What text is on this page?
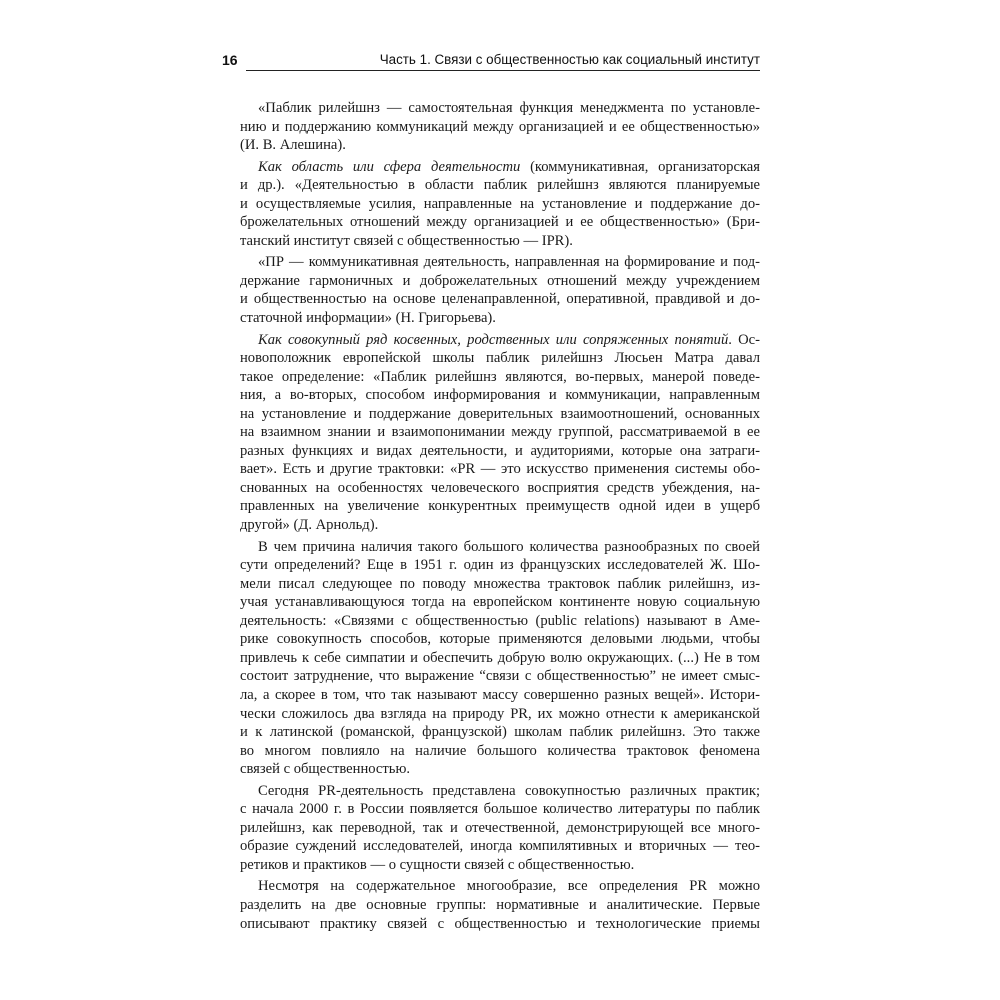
16	Часть 1. Связи с общественностью как социальный институт
«Паблик рилейшнз — самостоятельная функция менеджмента по установле-
нию и поддержанию коммуникаций между организацией и ее общественностью»
(И. В. Алешина).
Как область или сфера деятельности (коммуникативная, организаторская
и др.). «Деятельностью в области паблик рилейшнз являются планируемые
и осуществляемые усилия, направленные на установление и поддержание до-
брожелательных отношений между организацией и ее общественностью» (Бри-
танский институт связей с общественностью — IPR).
«ПР — коммуникативная деятельность, направленная на формирование и под-
держание гармоничных и доброжелательных отношений между учреждением
и общественностью на основе целенаправленной, оперативной, правдивой и до-
статочной информации» (Н. Григорьева).
Как совокупный ряд косвенных, родственных или сопряженных понятий. Ос-
новоположник европейской школы паблик рилейшнз Люсьен Матра давал
такое определение: «Паблик рилейшнз являются, во-первых, манерой поведе-
ния, а во-вторых, способом информирования и коммуникации, направленным
на установление и поддержание доверительных взаимоотношений, основанных
на взаимном знании и взаимопонимании между группой, рассматриваемой в ее
разных функциях и видах деятельности, и аудиториями, которые она затраги-
вает». Есть и другие трактовки: «PR — это искусство применения системы обо-
снованных на особенностях человеческого восприятия средств убеждения, на-
правленных на увеличение конкурентных преимуществ одной идеи в ущерб
другой» (Д. Арнольд).
В чем причина наличия такого большого количества разнообразных по своей
сути определений? Еще в 1951 г. один из французских исследователей Ж. Шо-
мели писал следующее по поводу множества трактовок паблик рилейшнз, из-
учая устанавливающуюся тогда на европейском континенте новую социальную
деятельность: «Связями с общественностью (public relations) называют в Аме-
рике совокупность способов, которые применяются деловыми людьми, чтобы
привлечь к себе симпатии и обеспечить добрую волю окружающих. (...) Не в том
состоит затруднение, что выражение “связи с общественностью” не имеет смыс-
ла, а скорее в том, что так называют массу совершенно разных вещей». Истори-
чески сложилось два взгляда на природу PR, их можно отнести к американской
и к латинской (романской, французской) школам паблик рилейшнз. Это также
во многом повлияло на наличие большого количества трактовок феномена
связей с общественностью.
Сегодня PR-деятельность представлена совокупностью различных практик;
с начала 2000 г. в России появляется большое количество литературы по паблик
рилейшнз, как переводной, так и отечественной, демонстрирующей все много-
образие суждений исследователей, иногда компилятивных и вторичных — тео-
ретиков и практиков — о сущности связей с общественностью.
Несмотря на содержательное многообразие, все определения PR можно
разделить на две основные группы: нормативные и аналитические. Первые
описывают практику связей с общественностью и технологические приемы
